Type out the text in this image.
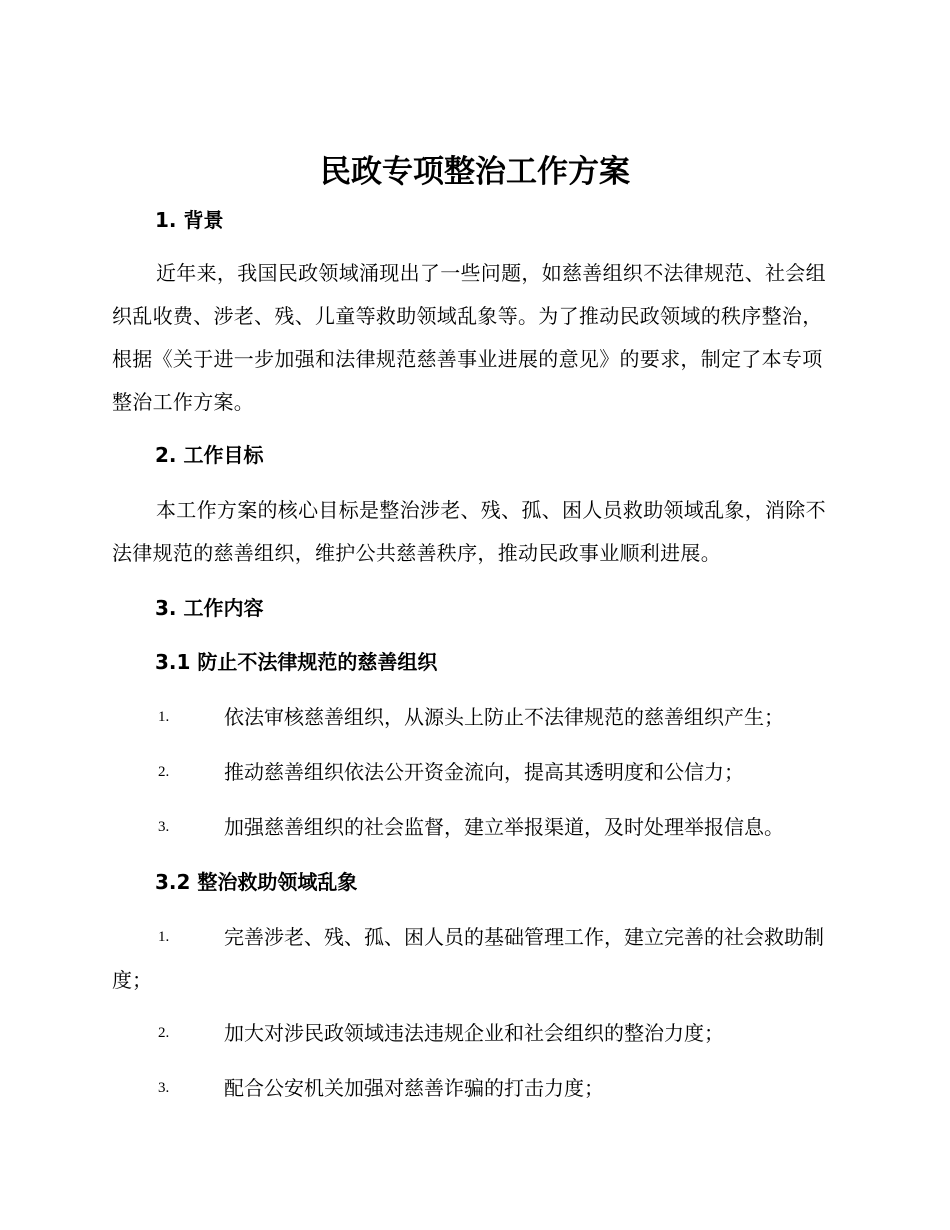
民政专项整治工作方案
1. 背景

近年来，我国民政领域涌现出了一些问题，如慈善组织不法律规范、社会组织乱收费、涉老、残、儿童等救助领域乱象等。为了推动民政领域的秩序整治，根据《关于进一步加强和法律规范慈善事业进展的意见》的要求，制定了本专项整治工作方案。

2. 工作目标

本工作方案的核心目标是整治涉老、残、孤、困人员救助领域乱象，消除不法律规范的慈善组织，维护公共慈善秩序，推动民政事业顺利进展。

3. 工作内容
3.1 防止不法律规范的慈善组织
1.	依法审核慈善组织，从源头上防止不法律规范的慈善组织产生；
2.	推动慈善组织依法公开资金流向，提高其透明度和公信力；
3.	加强慈善组织的社会监督，建立举报渠道，及时处理举报信息。
3.2 整治救助领域乱象
1.	完善涉老、残、孤、困人员的基础管理工作，建立完善的社会救助制度；
2.	加大对涉民政领域违法违规企业和社会组织的整治力度；
3.	配合公安机关加强对慈善诈骗的打击力度；
